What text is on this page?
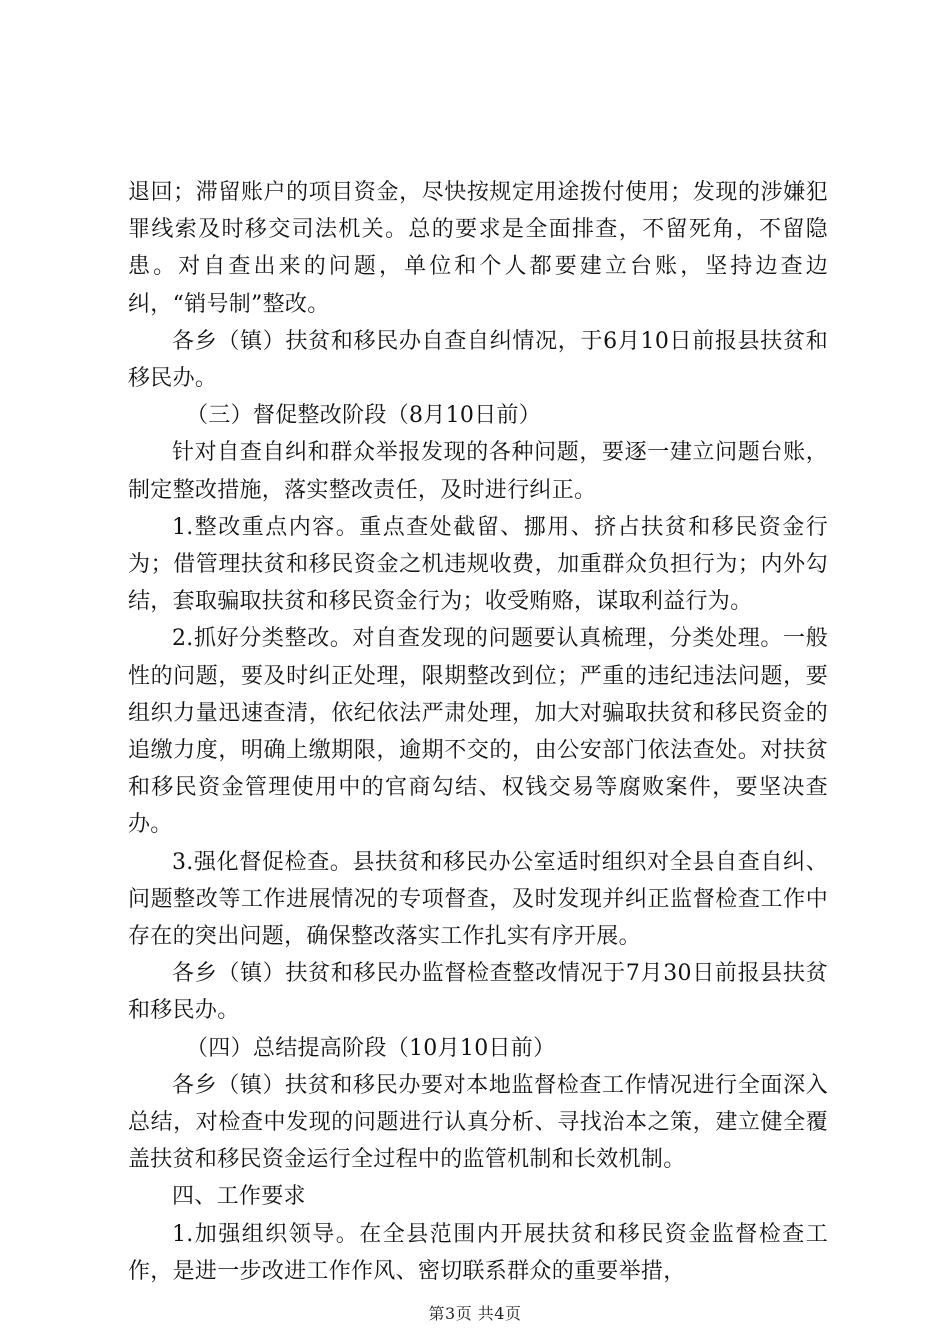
退回；滞留账户的项目资金，尽快按规定用途拨付使用；发现的涉嫌犯罪线索及时移交司法机关。总的要求是全面排查，不留死角，不留隐患。对自查出来的问题，单位和个人都要建立台账，坚持边查边纠，“销号制”整改。

各乡（镇）扶贫和移民办自查自纠情况，于6月10日前报县扶贫和移民办。

（三）督促整改阶段（8月10日前）

针对自查自纠和群众举报发现的各种问题，要逐一建立问题台账，制定整改措施，落实整改责任，及时进行纠正。

1.整改重点内容。重点查处截留、挪用、挤占扶贫和移民资金行为；借管理扶贫和移民资金之机违规收费，加重群众负担行为；内外勾结，套取骗取扶贫和移民资金行为；收受贿赂，谋取利益行为。

2.抓好分类整改。对自查发现的问题要认真梳理，分类处理。一般性的问题，要及时纠正处理，限期整改到位；严重的违纪违法问题，要组织力量迅速查清，依纪依法严肃处理，加大对骗取扶贫和移民资金的追缴力度，明确上缴期限，逾期不交的，由公安部门依法查处。对扶贫和移民资金管理使用中的官商勾结、权钱交易等腐败案件，要坚决查办。

3.强化督促检查。县扶贫和移民办公室适时组织对全县自查自纠、问题整改等工作进展情况的专项督查，及时发现并纠正监督检查工作中存在的突出问题，确保整改落实工作扎实有序开展。

各乡（镇）扶贫和移民办监督检查整改情况于7月30日前报县扶贫和移民办。

（四）总结提高阶段（10月10日前）

各乡（镇）扶贫和移民办要对本地监督检查工作情况进行全面深入总结，对检查中发现的问题进行认真分析、寻找治本之策，建立健全覆盖扶贫和移民资金运行全过程中的监管机制和长效机制。

四、工作要求

1.加强组织领导。在全县范围内开展扶贫和移民资金监督检查工作，是进一步改进工作作风、密切联系群众的重要举措，

第3页 共4页
